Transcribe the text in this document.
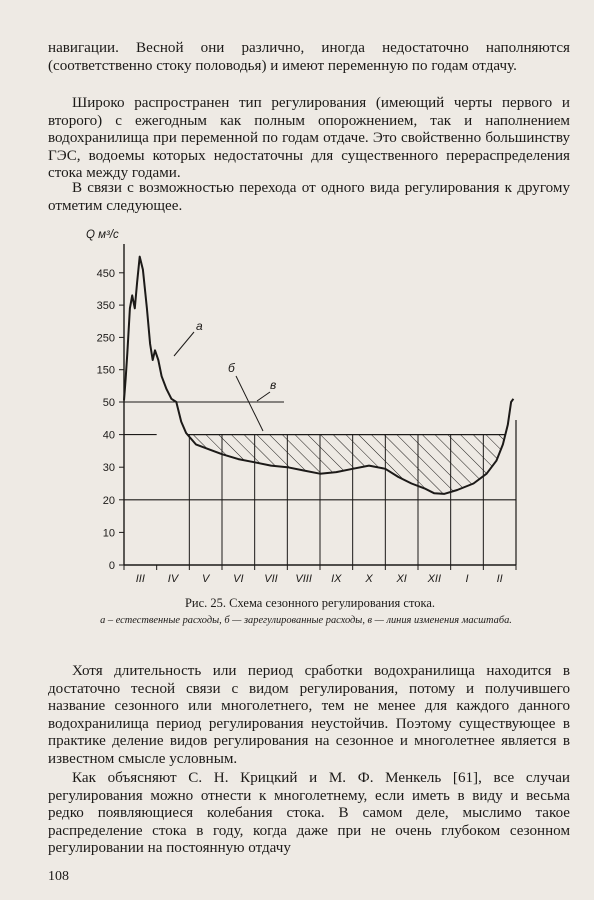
навигации. Весной они различно, иногда недостаточно наполняются (соответственно стоку половодья) и имеют переменную по годам отдачу.

Широко распространен тип регулирования (имеющий черты первого и второго) с ежегодным как полным опорожнением, так и наполнением водохранилища при переменной по годам отдаче. Это свойственно большинству ГЭС, водоемы которых недостаточны для существенного перераспределения стока между годами.

В связи с возможностью перехода от одного вида регулирования к другому отметим следующее.

0
10
20
30
40
50
150
250
350
450
III IV V VI VII VIII IX X XI XII I	II
Q м³/с
а
б
в
Рис. 25. Схема сезонного регулирования стока.
а – естественные расходы, б — зарегулированные расходы, в — линия изменения масштаба.

Хотя длительность или период сработки водохранилища находится в достаточно тесной связи с видом регулирования, потому и получившего название сезонного или многолетнего, тем не менее для каждого данного водохранилища период регулирования неустойчив. Поэтому существующее в практике деление видов регулирования на сезонное и многолетнее является в известном смысле условным.

Как объясняют С. Н. Крицкий и М. Ф. Менкель [61], все случаи регулирования можно отнести к многолетнему, если иметь в виду и весьма редко появляющиеся колебания стока. В самом деле, мыслимо такое распределение стока в году, когда даже при не очень глубоком сезонном регулировании на постоянную отдачу

108
